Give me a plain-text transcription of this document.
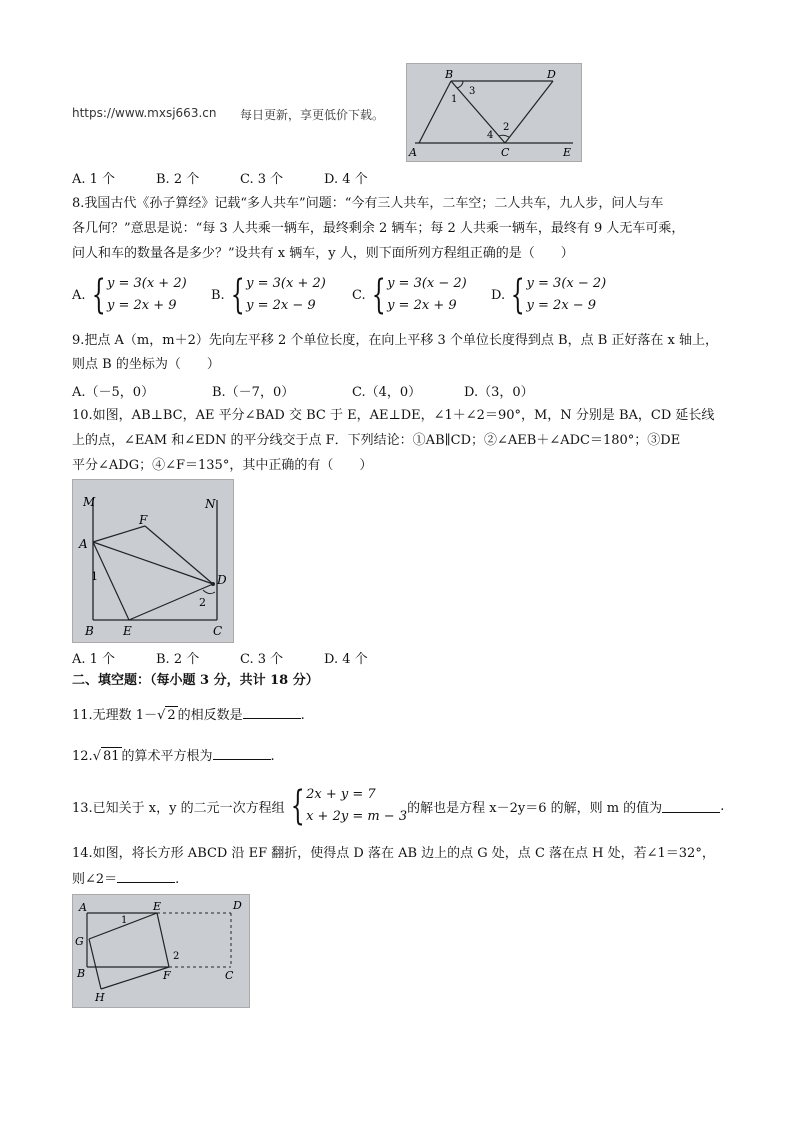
https://www.mxsj663.cn 每日更新，享更低价下载。
B	D
1
3
2
4
A	C	E
A. 1 个	B. 2 个	C. 3 个	D. 4 个
8.我国古代《孙子算经》记载“多人共车”问题：“今有三人共车，二车空；二人共车，九人步，问人与车
各几何？”意思是说：“每 3 人共乘一辆车，最终剩余 2 辆车；每 2 人共乘一辆车，最终有 9 人无车可乘，
问人和车的数量各是多少？”设共有 x 辆车，y 人，则下面所列方程组正确的是（　　）
A. { y = 3(x + 2)
y = 2x + 9
B. { y = 3(x + 2)
y = 2x − 9
C. { y = 3(x − 2)
y = 2x + 9
D. { y = 3(x − 2)
y = 2x − 9
9.把点 A（m，m＋2）先向左平移 2 个单位长度，在向上平移 3 个单位长度得到点 B，点 B 正好落在 x 轴上，
则点 B 的坐标为（　　）
A.（－5，0）	B.（－7，0）	C.（4，0）	D.（3，0）
10.如图，AB⊥BC，AE 平分∠BAD 交 BC 于 E，AE⊥DE，∠1＋∠2＝90°，M，N 分别是 BA，CD 延长线
上的点，∠EAM 和∠EDN 的平分线交于点 F．下列结论：①AB∥CD；②∠AEB＋∠ADC＝180°；③DE
平分∠ADG；④∠F＝135°，其中正确的有（　　）
M	N
F
A
1	D
2
B E	C
A. 1 个	B. 2 个	C. 3 个	D. 4 个
二、填空题：（每小题 3 分，共计 18 分）
11.无理数 1－√ 2 的相反数是	.
12.√ 81 的算术平方根为	.
13.已知关于 x，y 的二元一次方程组 { 2x + y = 7
x + 2y = m − 3
的解也是方程 x－2y＝6 的解，则 m 的值为	.
14.如图，将长方形 ABCD 沿 EF 翻折，使得点 D 落在 AB 边上的点 G 处，点 C 落在点 H 处，若∠1＝32°，
则∠2＝	.
A	E	D
1
G
2
B	F	C
H
